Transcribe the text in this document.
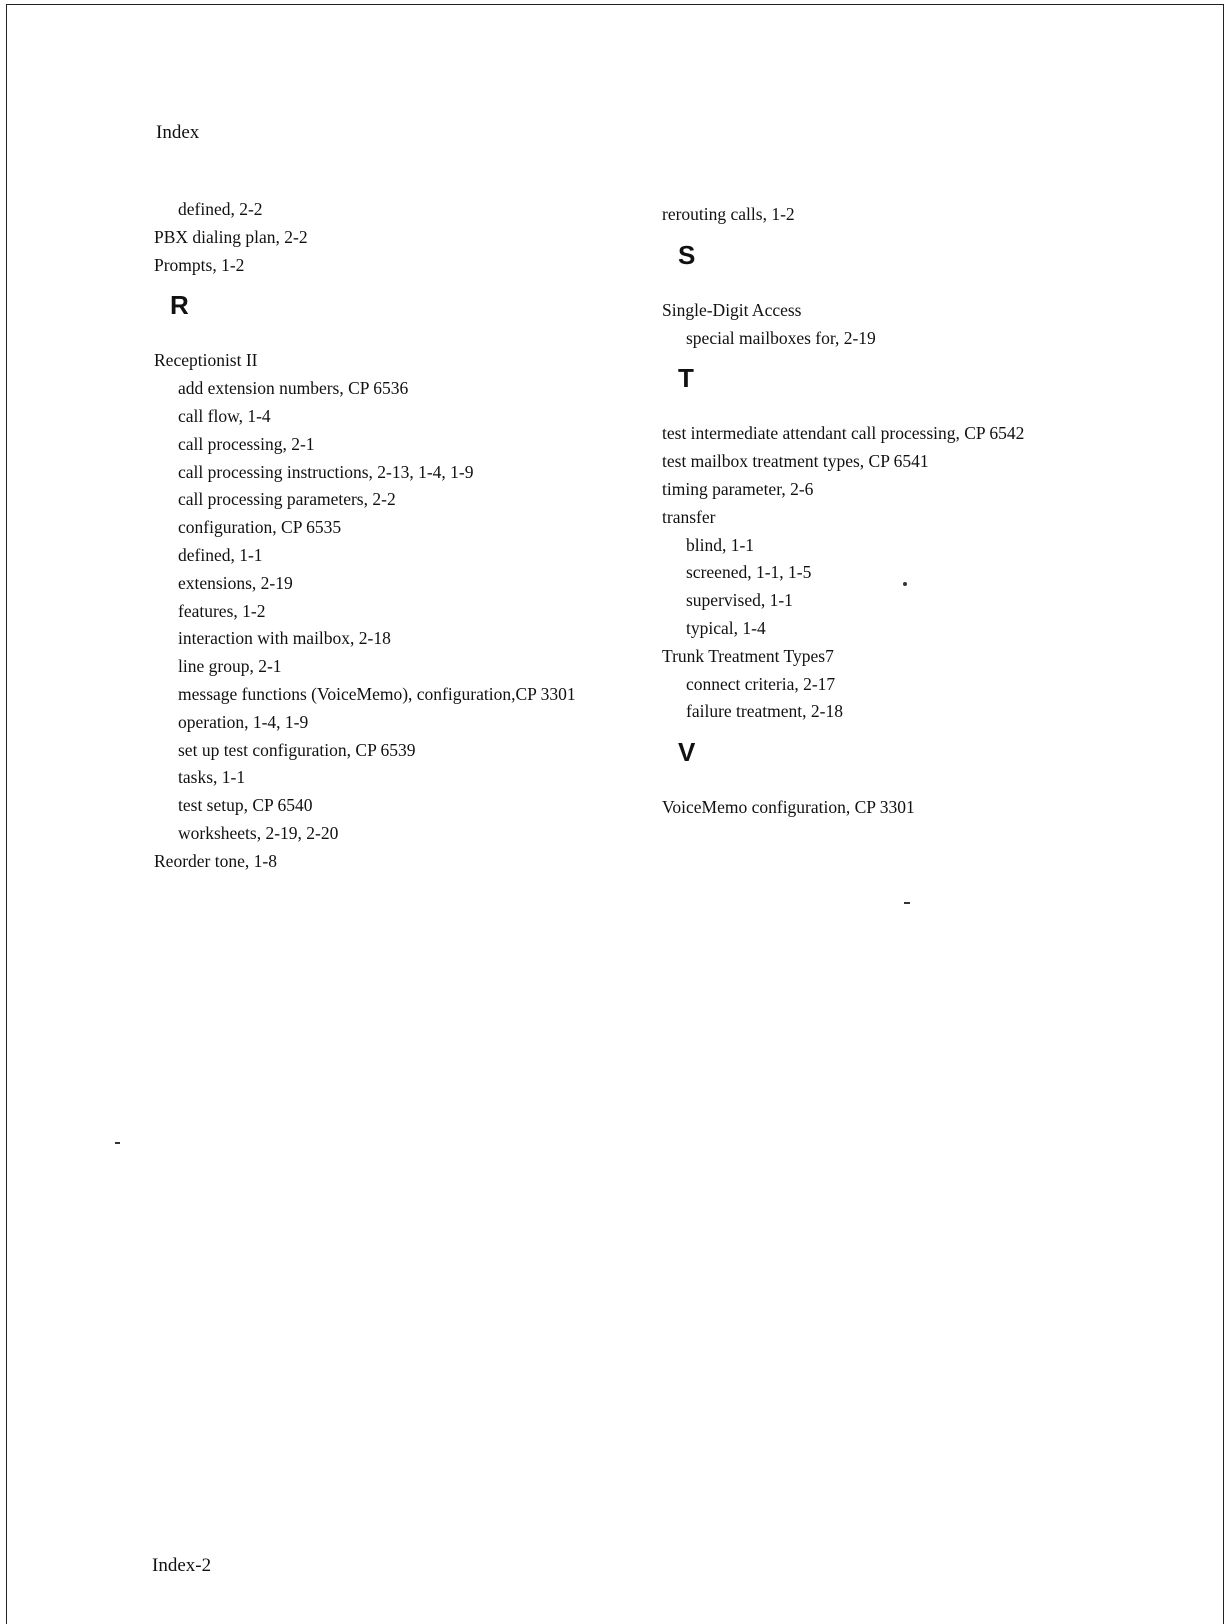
Index
defined, 2-2
PBX dialing plan, 2-2
Prompts, 1-2
R
Receptionist II
add extension numbers, CP 6536
call flow, 1-4
call processing, 2-1
call processing instructions, 2-13, 1-4, 1-9
call processing parameters, 2-2
configuration, CP 6535
defined, 1-1
extensions, 2-19
features, 1-2
interaction with mailbox, 2-18
line group, 2-1
message functions (VoiceMemo), configuration,CP 3301
operation, 1-4, 1-9
set up test configuration, CP 6539
tasks, 1-1
test setup, CP 6540
worksheets, 2-19, 2-20
Reorder tone, 1-8
rerouting calls, 1-2
S
Single-Digit Access
special mailboxes for, 2-19
T
test intermediate attendant call processing, CP 6542
test mailbox treatment types, CP 6541
timing parameter, 2-6
transfer
blind, 1-1
screened, 1-1, 1-5
supervised, 1-1
typical, 1-4
Trunk Treatment Types7
connect criteria, 2-17
failure treatment, 2-18
V
VoiceMemo configuration, CP 3301
Index-2
